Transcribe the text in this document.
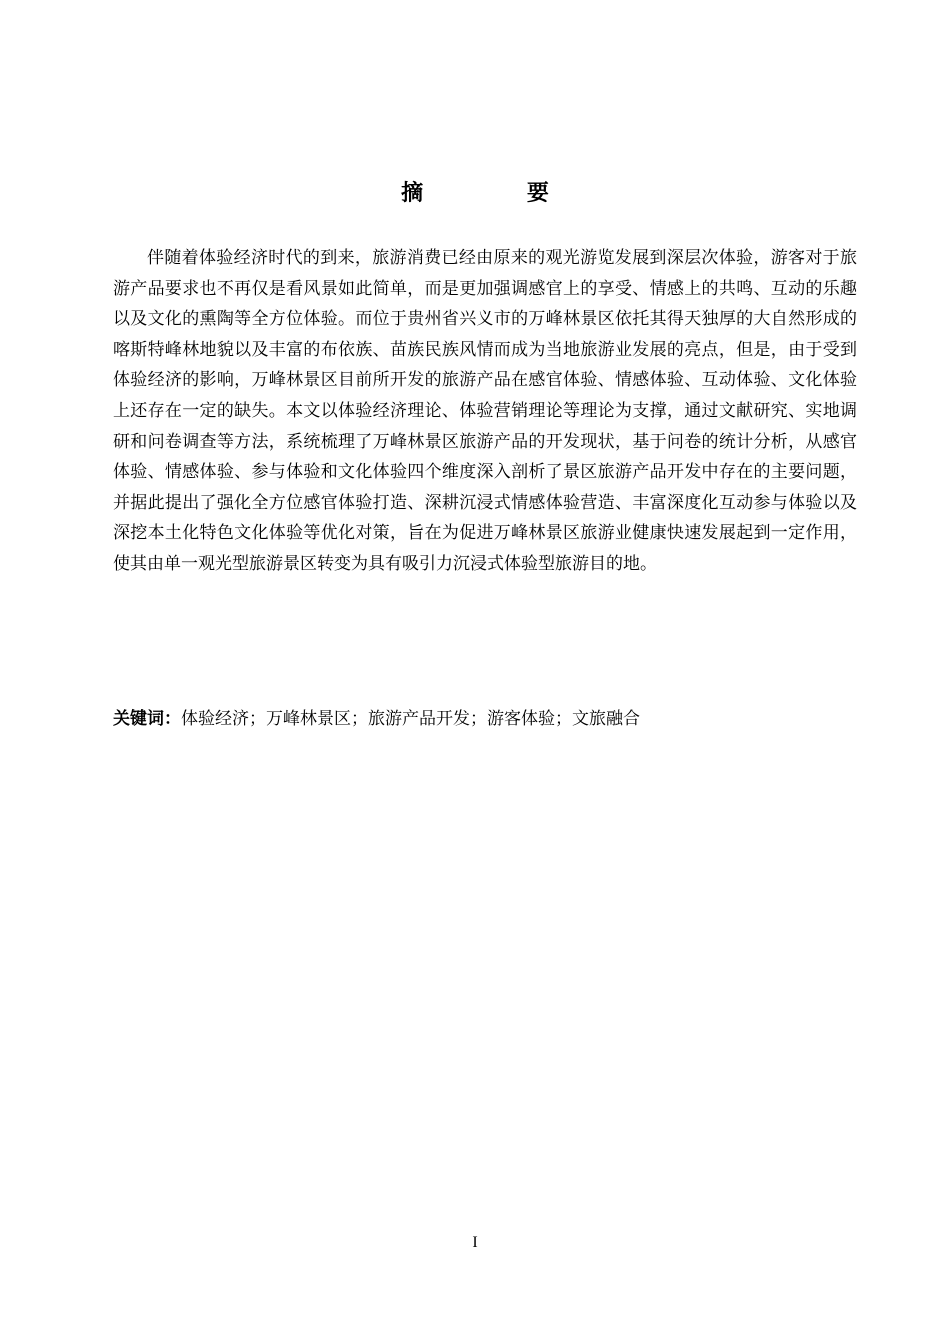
摘 要

伴随着体验经济时代的到来，旅游消费已经由原来的观光游览发展到深层次体验，游客对于旅游产品要求也不再仅是看风景如此简单，而是更加强调感官上的享受、情感上的共鸣、互动的乐趣以及文化的熏陶等全方位体验。而位于贵州省兴义市的万峰林景区依托其得天独厚的大自然形成的喀斯特峰林地貌以及丰富的布依族、苗族民族风情而成为当地旅游业发展的亮点，但是，由于受到体验经济的影响，万峰林景区目前所开发的旅游产品在感官体验、情感体验、互动体验、文化体验上还存在一定的缺失。本文以体验经济理论、体验营销理论等理论为支撑，通过文献研究、实地调研和问卷调查等方法，系统梳理了万峰林景区旅游产品的开发现状，基于问卷的统计分析，从感官体验、情感体验、参与体验和文化体验四个维度深入剖析了景区旅游产品开发中存在的主要问题，并据此提出了强化全方位感官体验打造、深耕沉浸式情感体验营造、丰富深度化互动参与体验以及深挖本土化特色文化体验等优化对策，旨在为促进万峰林景区旅游业健康快速发展起到一定作用，使其由单一观光型旅游景区转变为具有吸引力沉浸式体验型旅游目的地。

关键词：体验经济；万峰林景区；旅游产品开发；游客体验；文旅融合
I
